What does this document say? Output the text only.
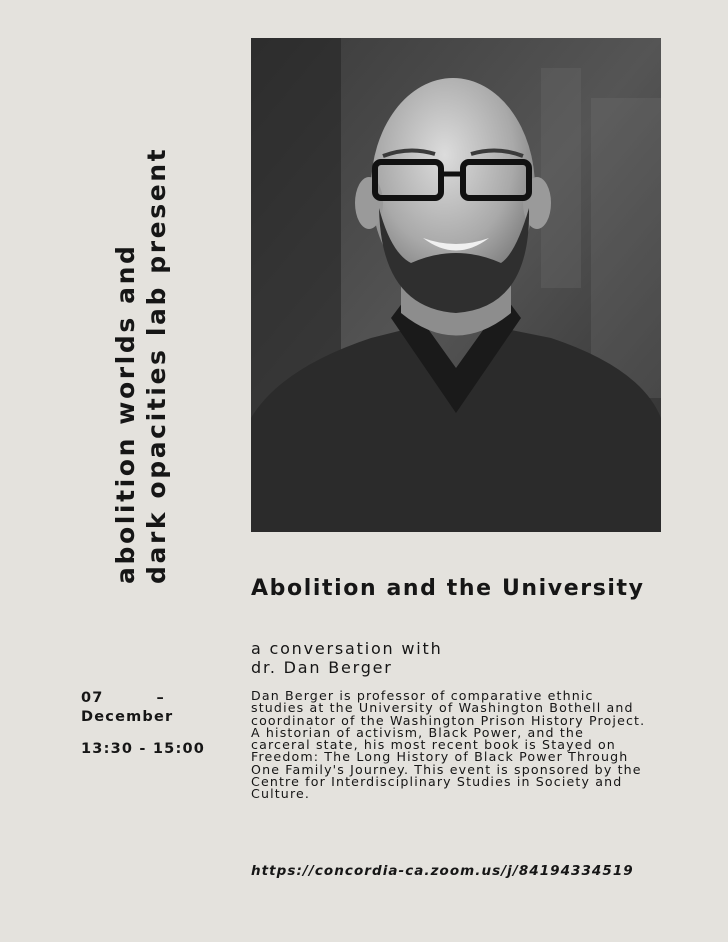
abolition worlds and dark opacities lab present
Abolition and the University
a conversation with
dr. Dan Berger
07	–
December
13:30 - 15:00

Dan Berger is professor of comparative ethnic studies at the University of Washington Bothell and coordinator of the Washington Prison History Project. A historian of activism, Black Power, and the carceral state, his most recent book is Stayed on Freedom: The Long History of Black Power Through One Family's Journey. This event is sponsored by the Centre for Interdisciplinary Studies in Society and Culture.

https://concordia-ca.zoom.us/j/84194334519
